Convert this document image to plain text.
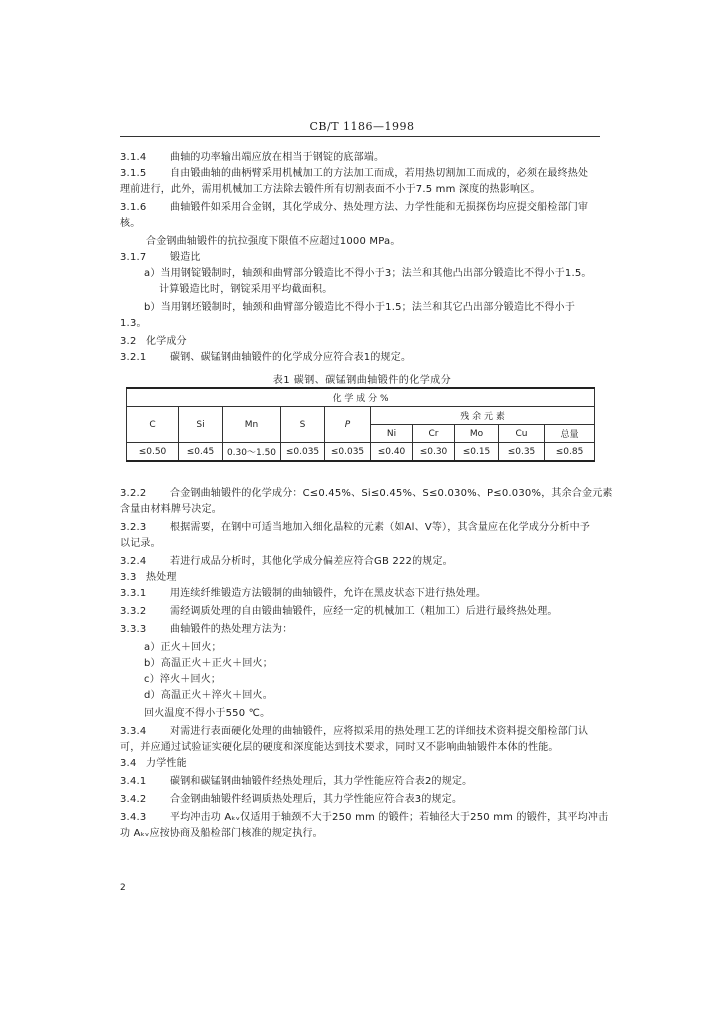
CB/T 1186—1998
3.1.4 曲轴的功率输出端应放在相当于钢锭的底部端。
3.1.5 自由锻曲轴的曲柄臂采用机械加工的方法加工而成，若用热切割加工而成的，必须在最终热处
理前进行，此外，需用机械加工方法除去锻件所有切割表面不小于7.5 mm 深度的热影响区。
3.1.6 曲轴锻件如采用合金钢，其化学成分、热处理方法、力学性能和无损探伤均应提交船检部门审
核。
合金钢曲轴锻件的抗拉强度下限值不应超过1000 MPa。
3.1.7 锻造比
a）当用钢锭锻制时，轴颈和曲臂部分锻造比不得小于3；法兰和其他凸出部分锻造比不得小于1.5。
计算锻造比时，钢锭采用平均截面积。
b）当用钢坯锻制时，轴颈和曲臂部分锻造比不得小于1.5；法兰和其它凸出部分锻造比不得小于
1.3。
3.2 化学成分
3.2.1 碳钢、碳锰钢曲轴锻件的化学成分应符合表1的规定。
表1 碳钢、碳锰钢曲轴锻件的化学成分
化 学 成 分 %									
C	Si	Mn	S	P	残 余 元 素				
					Ni	Cr	Mo	Cu	总量
≤0.50	≤0.45	0.30～1.50	≤0.035	≤0.035	≤0.40	≤0.30	≤0.15	≤0.35	≤0.85
3.2.2 合金钢曲轴锻件的化学成分：C≤0.45%、Si≤0.45%、S≤0.030%、P≤0.030%，其余合金元素
含量由材料牌号决定。
3.2.3 根据需要，在钢中可适当地加入细化晶粒的元素（如Al、V等），其含量应在化学成分分析中予
以记录。
3.2.4 若进行成品分析时，其他化学成分偏差应符合GB 222的规定。
3.3 热处理
3.3.1 用连续纤维锻造方法锻制的曲轴锻件，允许在黑皮状态下进行热处理。
3.3.2 需经调质处理的自由锻曲轴锻件，应经一定的机械加工（粗加工）后进行最终热处理。
3.3.3 曲轴锻件的热处理方法为：
a）正火＋回火；
b）高温正火＋正火＋回火；
c）淬火＋回火；
d）高温正火＋淬火＋回火。
回火温度不得小于550 ℃。
3.3.4 对需进行表面硬化处理的曲轴锻件，应将拟采用的热处理工艺的详细技术资料提交船检部门认
可，并应通过试验证实硬化层的硬度和深度能达到技术要求，同时又不影响曲轴锻件本体的性能。
3.4 力学性能
3.4.1 碳钢和碳锰钢曲轴锻件经热处理后，其力学性能应符合表2的规定。
3.4.2 合金钢曲轴锻件经调质热处理后，其力学性能应符合表3的规定。
3.4.3 平均冲击功 Aₖᵥ仅适用于轴颈不大于250 mm 的锻件；若轴径大于250 mm 的锻件，其平均冲击
功 Aₖᵥ应按协商及船检部门核准的规定执行。
2
